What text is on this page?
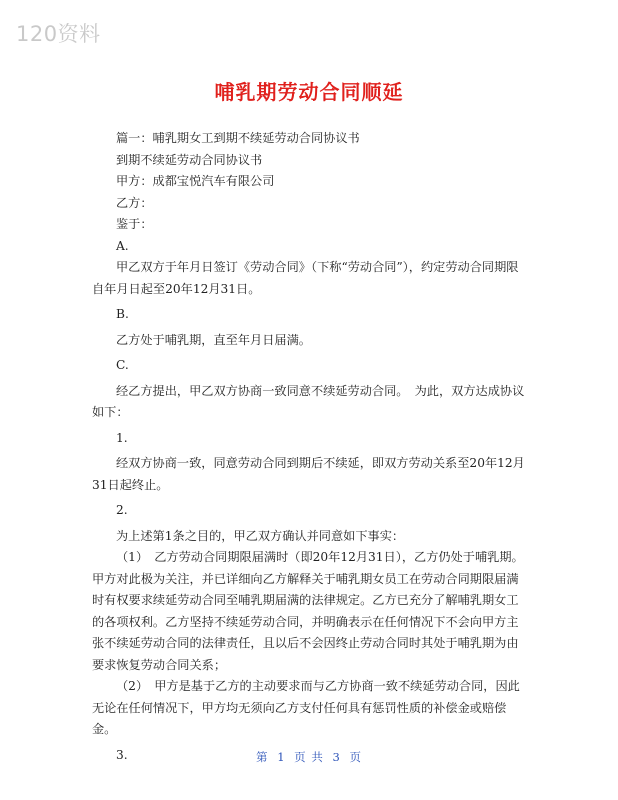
120资料
哺乳期劳动合同顺延

篇一：哺乳期女工到期不续延劳动合同协议书

到期不续延劳动合同协议书

甲方：成都宝悦汽车有限公司

乙方：

鉴于：

A.

甲乙双方于年月日签订《劳动合同》（下称“劳动合同”），约定劳动合同期限自年月日起至20年12月31日。

B.

乙方处于哺乳期，直至年月日届满。

C.

经乙方提出，甲乙双方协商一致同意不续延劳动合同。　为此，双方达成协议如下：

1.

经双方协商一致，同意劳动合同到期后不续延，即双方劳动关系至20年12月31日起终止。

2.

为上述第1条之目的，甲乙双方确认并同意如下事实：

（1）　乙方劳动合同期限届满时（即20年12月31日），乙方仍处于哺乳期。甲方对此极为关注，并已详细向乙方解释关于哺乳期女员工在劳动合同期限届满时有权要求续延劳动合同至哺乳期届满的法律规定。乙方已充分了解哺乳期女工的各项权利。乙方坚持不续延劳动合同，并明确表示在任何情况下不会向甲方主张不续延劳动合同的法律责任，且以后不会因终止劳动合同时其处于哺乳期为由要求恢复劳动合同关系；

（2）　甲方是基于乙方的主动要求而与乙方协商一致不续延劳动合同，因此无论在任何情况下，甲方均无须向乙方支付任何具有惩罚性质的补偿金或赔偿金。

3.	第 1 页 共 3 页
